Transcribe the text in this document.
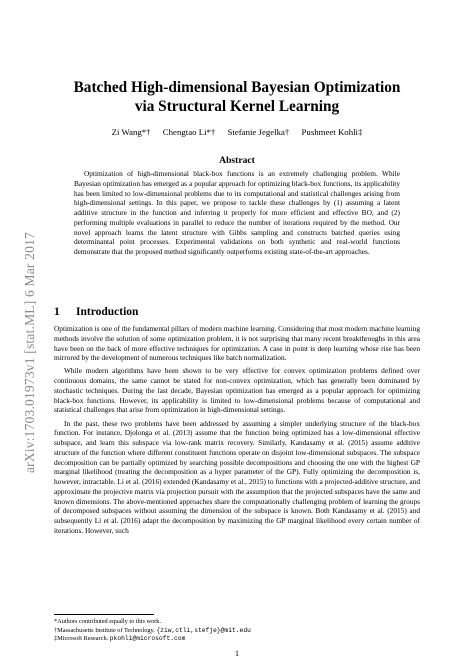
arXiv:1703.01973v1 [stat.ML] 6 Mar 2017
Batched High-dimensional Bayesian Optimization
via Structural Kernel Learning
Zi Wang*† Chengtao Li*† Stefanie Jegelka† Pushmeet Kohli‡
Abstract

Optimization of high-dimensional black-box functions is an extremely challenging problem. While Bayesian optimization has emerged as a popular approach for optimizing black-box functions, its applicability has been limited to low-dimensional problems due to its computational and statistical challenges arising from high-dimensional settings. In this paper, we propose to tackle these challenges by (1) assuming a latent additive structure in the function and inferring it properly for more efficient and effective BO, and (2) performing multiple evaluations in parallel to reduce the number of iterations required by the method. Our novel approach learns the latent structure with Gibbs sampling and constructs batched queries using determinantal point processes. Experimental validations on both synthetic and real-world functions demonstrate that the proposed method significantly outperforms existing state-of-the-art approaches.

1 Introduction

Optimization is one of the fundamental pillars of modern machine learning. Considering that most modern machine learning methods involve the solution of some optimization problem, it is not surprising that many recent breakthroughs in this area have been on the back of more effective techniques for optimization. A case in point is deep learning whose rise has been mirrored by the development of numerous techniques like batch normalization.

While modern algorithms have been shown to be very effective for convex optimization problems defined over continuous domains, the same cannot be stated for non-convex optimization, which has generally been dominated by stochastic techniques. During the last decade, Bayesian optimization has emerged as a popular approach for optimizing black-box functions. However, its applicability is limited to low-dimensional problems because of computational and statistical challenges that arise from optimization in high-dimensional settings.

In the past, these two problems have been addressed by assuming a simpler underlying structure of the black-box function. For instance, Djolonga et al. (2013) assume that the function being optimized has a low-dimensional effective subspace, and learn this subspace via low-rank matrix recovery. Similarly, Kandasamy et al. (2015) assume additive structure of the function where different constituent functions operate on disjoint low-dimensional subspaces. The subspace decomposition can be partially optimized by searching possible decompositions and choosing the one with the highest GP marginal likelihood (treating the decomposition as a hyper parameter of the GP). Fully optimizing the decomposition is, however, intractable. Li et al. (2016) extended (Kandasamy et al., 2015) to functions with a projected-additive structure, and approximate the projective matrix via projection pursuit with the assumption that the projected subspaces have the same and known dimensions. The above-mentioned approaches share the computationally challenging problem of learning the groups of decomposed subspaces without assuming the dimension of the subspace is known. Both Kandasamy et al. (2015) and subsequently Li et al. (2016) adapt the decomposition by maximizing the GP marginal likelihood every certain number of iterations. However, such

*Authors contributed equally to this work.
†Massachusetts Institute of Technology. {ziw,ctli,stefje}@mit.edu
‡Microsoft Research. pkohli@microsoft.com
1
